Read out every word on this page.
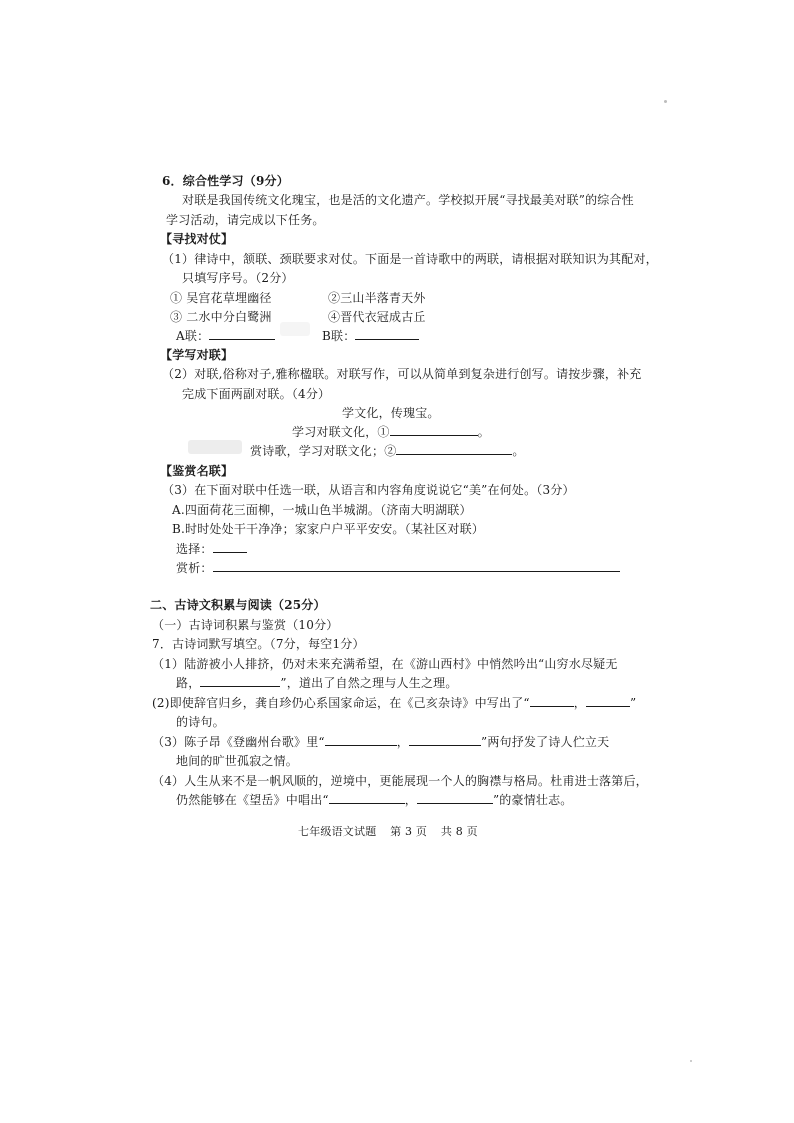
6．综合性学习（9分）
对联是我国传统文化瑰宝，也是活的文化遗产。学校拟开展“寻找最美对联”的综合性
学习活动，请完成以下任务。
【寻找对仗】
（1）律诗中，颔联、颈联要求对仗。下面是一首诗歌中的两联，请根据对联知识为其配对，
只填写序号。（2分）
① 吴宫花草埋幽径	②三山半落青天外
③ 二水中分白鹭洲	④晋代衣冠成古丘
A联：	B联：
【学写对联】
（2）对联,俗称对子,雅称楹联。对联写作，可以从简单到复杂进行创写。请按步骤，补充
完成下面两副对联。（4分）
学文化，传瑰宝。
学习对联文化，①	。
赏诗歌，学习对联文化；②	。
【鉴赏名联】
（3）在下面对联中任选一联，从语言和内容角度说说它“美”在何处。（3分）
A.四面荷花三面柳，一城山色半城湖。（济南大明湖联）
B.时时处处干干净净；家家户户平平安安。（某社区对联）
选择：
赏析：
二、古诗文积累与阅读（25分）
（一）古诗词积累与鉴赏（10分）
7．古诗词默写填空。（7分，每空1分）
（1）陆游被小人排挤，仍对未来充满希望，在《游山西村》中悄然吟出“山穷水尽疑无
路，	”，道出了自然之理与人生之理。
(2)即使辞官归乡，龚自珍仍心系国家命运，在《己亥杂诗》中写出了“	，	”
的诗句。
（3）陈子昂《登幽州台歌》里“	，	”两句抒发了诗人伫立天
地间的旷世孤寂之情。
（4）人生从来不是一帆风顺的，逆境中，更能展现一个人的胸襟与格局。杜甫进士落第后，
仍然能够在《望岳》中唱出“	，	”的豪情壮志。
七年级语文试题 第 3 页 共 8 页
